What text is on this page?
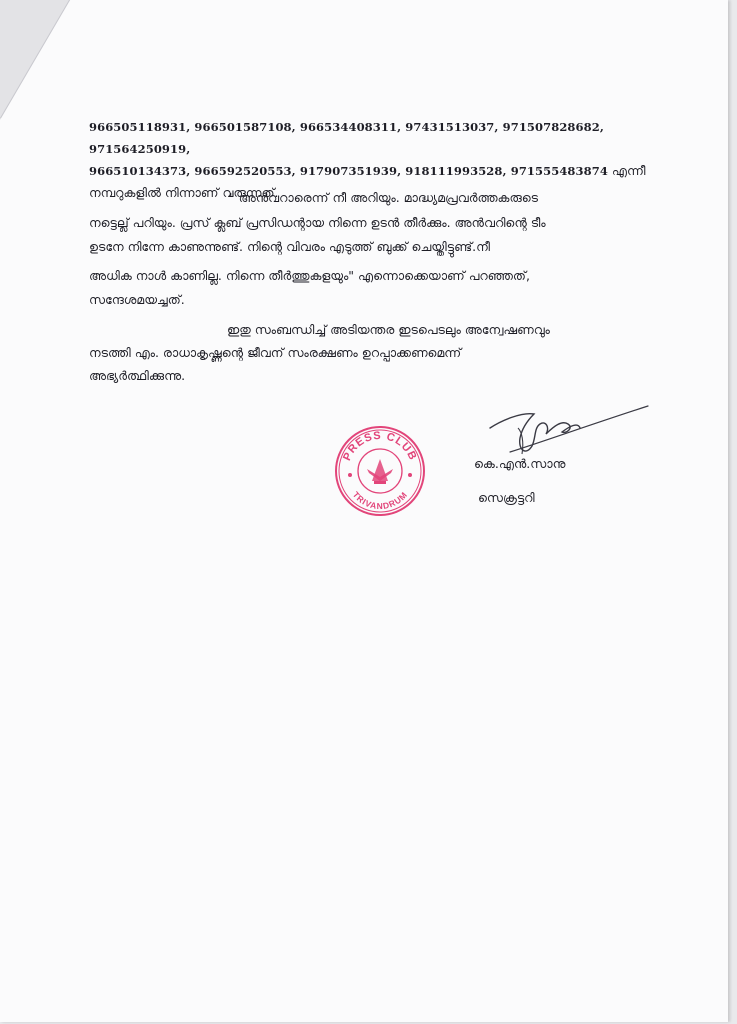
966505118931, 966501587108, 966534408311, 97431513037, 971507828682, 971564250919,
966510134373, 966592520553, 917907351939, 918111993528, 971555483874 എന്നീ
നമ്പറുകളിൽ നിന്നാണ് വരുന്നത്.

" അൻവറാരെന്ന് നീ അറിയും. മാദ്ധ്യമപ്രവർത്തകരുടെ
നട്ടെല്ല് പറിയും. പ്രസ് ക്ലബ് പ്രസിഡന്റായ നിന്നെ ഉടൻ തീർക്കും. അൻവറിന്റെ ടീം
ഉടനേ നിന്നേ കാണുന്നുണ്ട്. നിന്റെ വിവരം എടുത്ത് ബുക്ക് ചെയ്തിട്ടുണ്ട്.നീ
അധിക നാൾ കാണില്ല. നിന്നെ തീർത്തുകളയും" എന്നൊക്കെയാണ് പറഞ്ഞത്,
സന്ദേശമയച്ചത്.
ഇതു സംബന്ധിച്ച് അടിയന്തര ഇടപെടലും അന്വേഷണവും
നടത്തി എം. രാധാകൃഷ്ണന്റെ ജീവന് സംരക്ഷണം ഉറപ്പാക്കണമെന്ന്
അഭ്യർത്ഥിക്കുന്നു.
PRESS CLUB
TRIVANDRUM
കെ.എൻ.സാനു
സെക്രട്ടറി
